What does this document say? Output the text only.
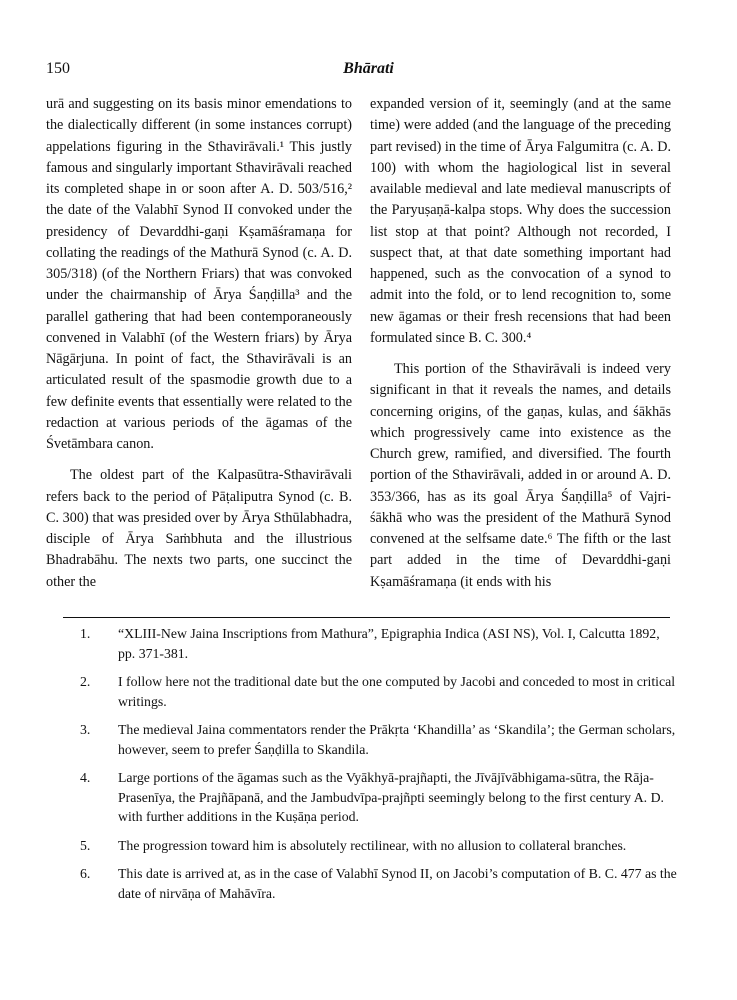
150	Bhārati

urā and suggesting on its basis minor emendations to the dialectically different (in some instances corrupt) appelations figuring in the Sthavirāvali.¹ This justly famous and singularly important Sthavirāvali reached its completed shape in or soon after A. D. 503/516,² the date of the Valabhī Synod II convoked under the presidency of Devarddhi-gaṇi Kṣamāśramaṇa for collating the readings of the Mathurā Synod (c. A. D. 305/318) (of the Northern Friars) that was convoked under the chairmanship of Ārya Śaṇḍilla³ and the parallel gathering that had been contemporaneously convened in Valabhī (of the Western friars) by Ārya Nāgārjuna. In point of fact, the Sthavirāvali is an articulated result of the spasmodie growth due to a few definite events that essentially were related to the redaction at various periods of the āgamas of the Śvetāmbara canon.

The oldest part of the Kalpasūtra-Sthavirāvali refers back to the period of Pāṭaliputra Synod (c. B. C. 300) that was presided over by Ārya Sthūlabhadra, disciple of Ārya Saṁbhuta and the illustrious Bhadrabāhu. The nexts two parts, one succinct the other the

expanded version of it, seemingly (and at the same time) were added (and the language of the preceding part revised) in the time of Ārya Falgumitra (c. A. D. 100) with whom the hagiological list in several available medieval and late medieval manuscripts of the Paryuṣaṇā-kalpa stops. Why does the succession list stop at that point? Although not recorded, I suspect that, at that date something important had happened, such as the convocation of a synod to admit into the fold, or to lend recognition to, some new āgamas or their fresh recensions that had been formulated since B. C. 300.⁴

This portion of the Sthavirāvali is indeed very significant in that it reveals the names, and details concerning origins, of the gaṇas, kulas, and śākhās which progressively came into existence as the Church grew, ramified, and diversified. The fourth portion of the Sthavirāvali, added in or around A. D. 353/366, has as its goal Ārya Śaṇḍilla⁵ of Vajri-śākhā who was the president of the Mathurā Synod convened at the selfsame date.⁶ The fifth or the last part added in the time of Devarddhi-gaṇi Kṣamāśramaṇa (it ends with his

1.	“XLIII-New Jaina Inscriptions from Mathura”, Epigraphia Indica (ASI NS), Vol. I, Calcutta 1892, pp. 371-381.
2.	I follow here not the traditional date but the one computed by Jacobi and conceded to most in critical writings.
3.	The medieval Jaina commentators render the Prākṛta ‘Khandilla’ as ‘Skandila’; the German scholars, however, seem to prefer Śaṇḍilla to Skandila.
4.	Large portions of the āgamas such as the Vyākhyā-prajñapti, the Jīvājīvābhigama-sūtra, the Rāja-Prasenīya, the Prajñāpanā, and the Jambudvīpa-prajñpti seemingly belong to the first century A. D. with further additions in the Kuṣāṇa period.
5.	The progression toward him is absolutely rectilinear, with no allusion to collateral branches.
6.	This date is arrived at, as in the case of Valabhī Synod II, on Jacobi’s computation of B. C. 477 as the date of nirvāṇa of Mahāvīra.
